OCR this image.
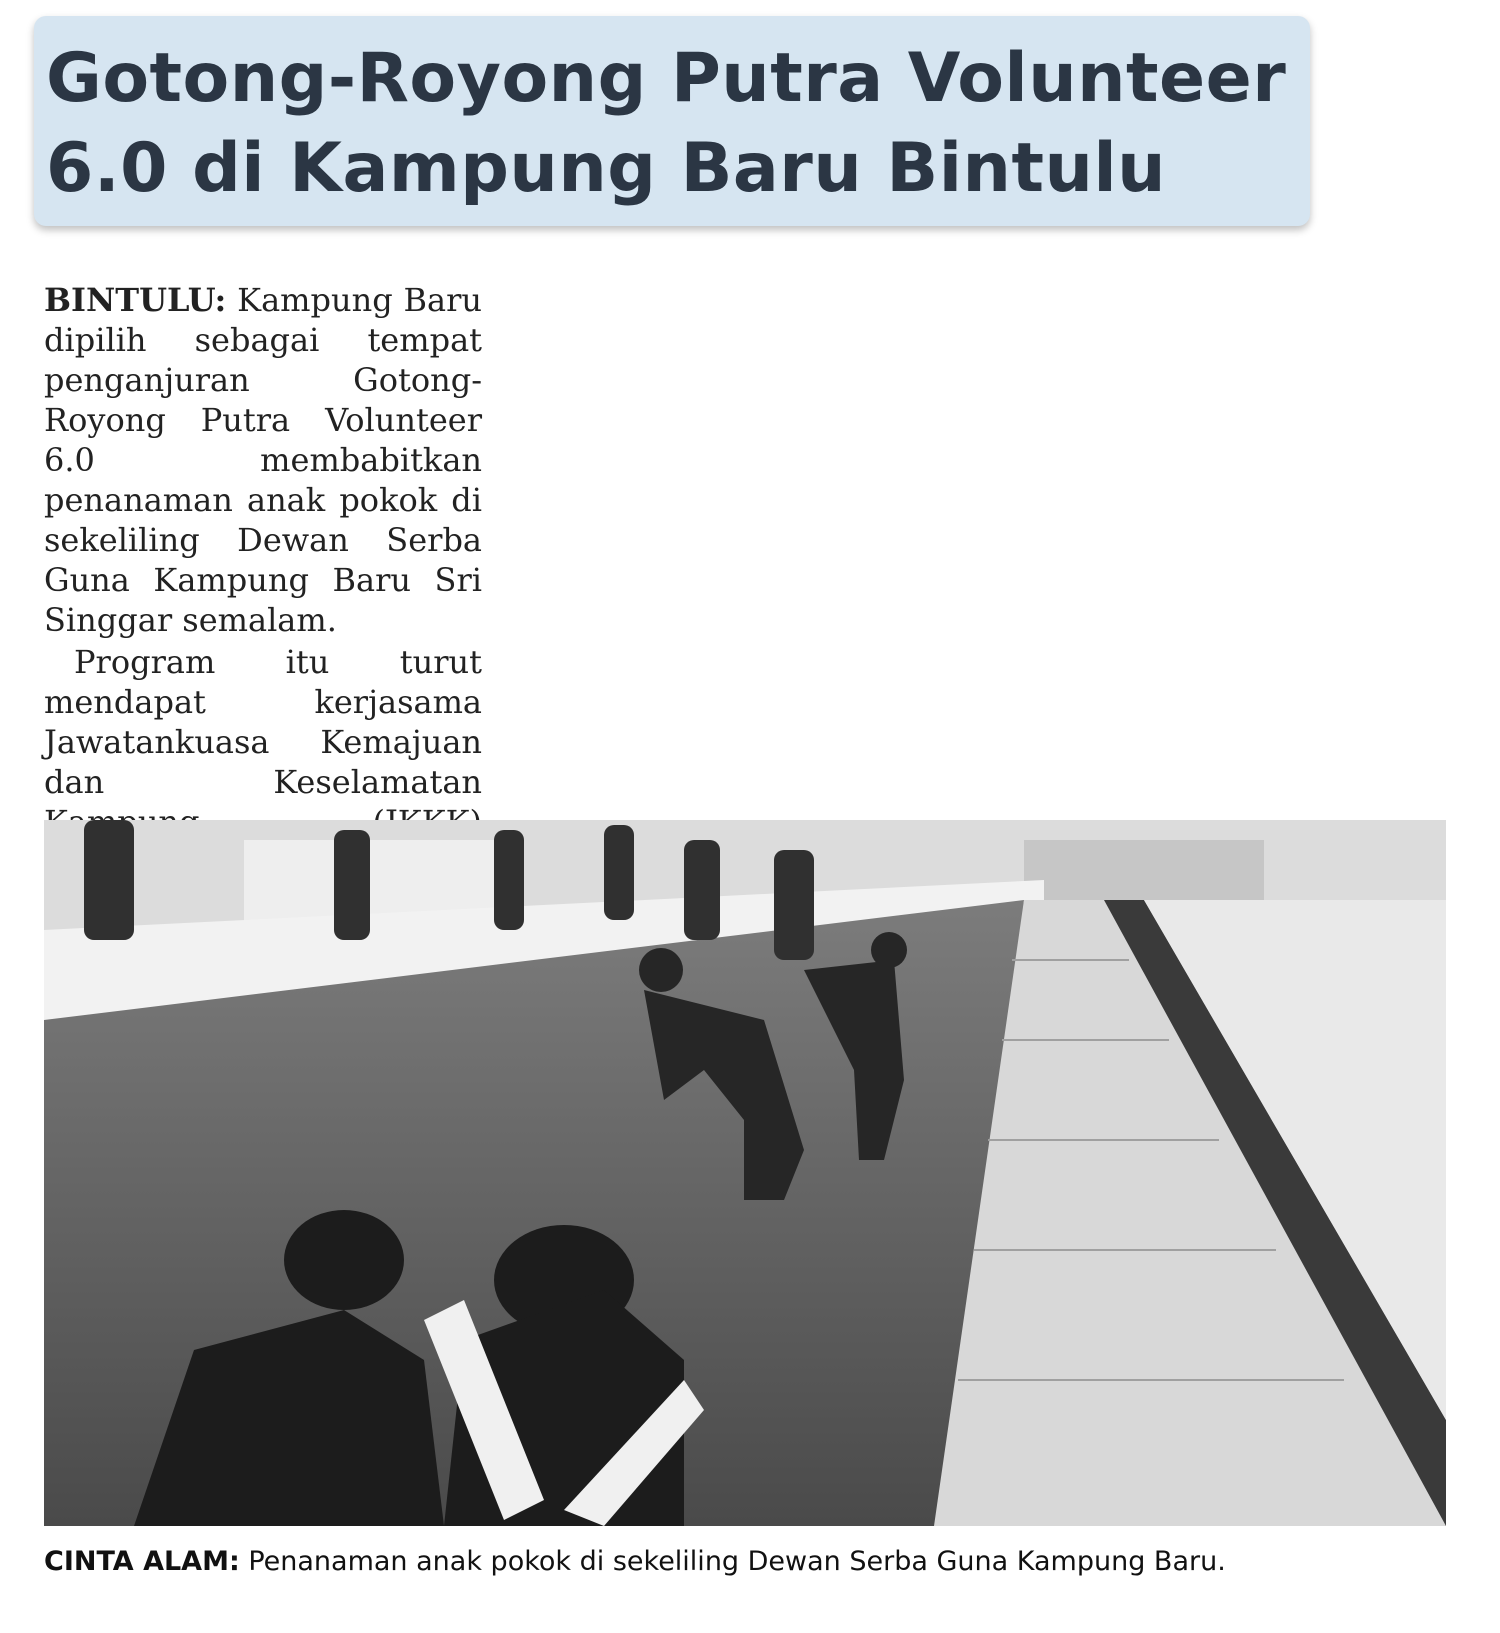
Gotong-Royong Putra Volunteer
6.0 di Kampung Baru Bintulu

BINTULU: Kampung Baru dipilih sebagai tempat penganjuran Gotong-Royong Putra Volunteer 6.0 membabitkan penanaman anak pokok di sekeliling Dewan Serba Guna Kampung Baru Sri Singgar semalam.

Program itu turut mendapat kerjasama Jawatankuasa Kemajuan dan Keselamatan

CINTA ALAM: Penanaman anak pokok di sekeliling Dewan Serba Guna Kampung Baru.
